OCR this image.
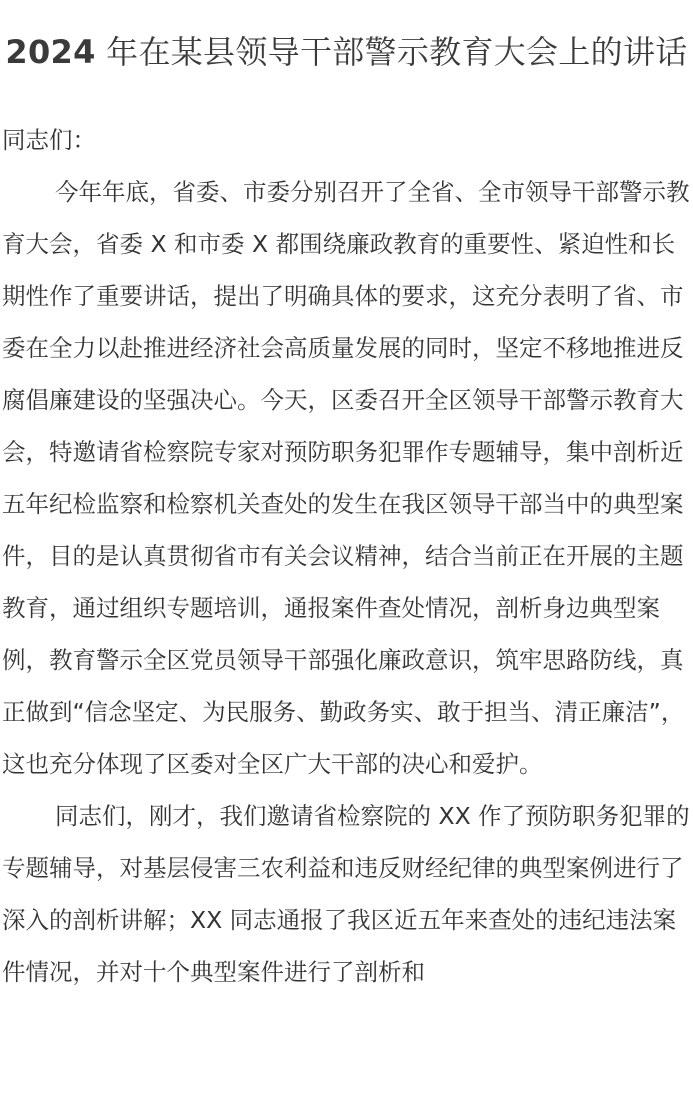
2024 年在某县领导干部警示教育大会上的讲话

同志们：

今年年底，省委、市委分别召开了全省、全市领导干部警示教育大会，省委 X 和市委 X 都围绕廉政教育的重要性、紧迫性和长期性作了重要讲话，提出了明确具体的要求，这充分表明了省、市委在全力以赴推进经济社会高质量发展的同时，坚定不移地推进反腐倡廉建设的坚强决心。今天，区委召开全区领导干部警示教育大会，特邀请省检察院专家对预防职务犯罪作专题辅导，集中剖析近五年纪检监察和检察机关查处的发生在我区领导干部当中的典型案件，目的是认真贯彻省市有关会议精神，结合当前正在开展的主题教育，通过组织专题培训，通报案件查处情况，剖析身边典型案例，教育警示全区党员领导干部强化廉政意识，筑牢思路防线，真正做到“信念坚定、为民服务、勤政务实、敢于担当、清正廉洁”，这也充分体现了区委对全区广大干部的决心和爱护。

同志们，刚才，我们邀请省检察院的 XX 作了预防职务犯罪的专题辅导，对基层侵害三农利益和违反财经纪律的典型案例进行了深入的剖析讲解；XX 同志通报了我区近五年来查处的违纪违法案件情况，并对十个典型案件进行了剖析和
